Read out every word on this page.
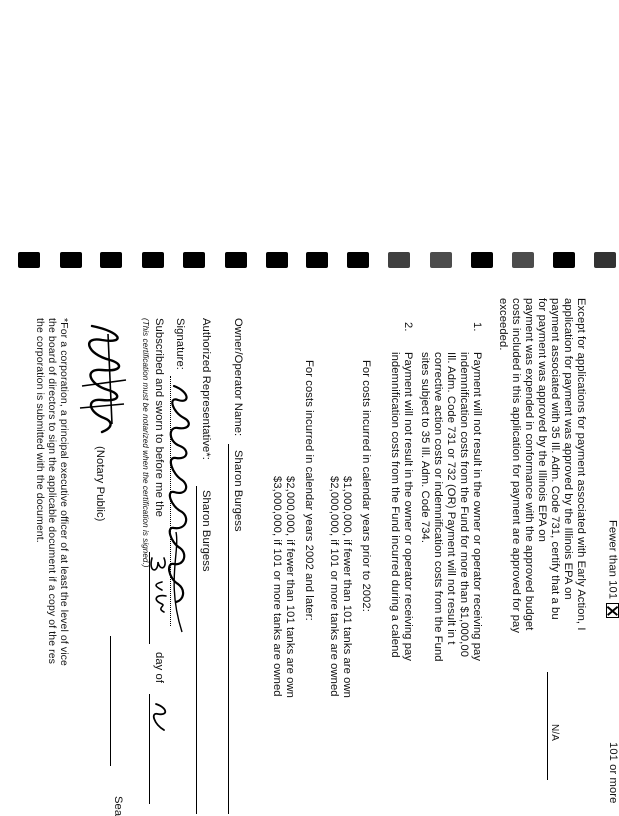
Fewer than 101
101 or more
Except for applications for payment associated with Early Action, I
application for payment was approved by the Illinois EPA on
payment associated with 35 Ill. Adm. Code 731, certify that a bu
for payment was approved by the Illinois EPA on
payment was expended in conformance with the approved budget
costs included in this application for payment are approved for pay
exceeded.
N/A
1.
Payment will not result in the owner or operator receiving pay
indemnification costs from the Fund for more than $1,000,00
Ill. Adm. Code 731 or 732 (OR) Payment will not result in t
corrective action costs or indemnification costs from the Fund
sites subject to 35 Ill. Adm. Code 734.
2.
Payment will not result in the owner or operator receiving pay
indemnification costs from the Fund incurred during a calend
For costs incurred in calendar years prior to 2002:
$1,000,000, if fewer than 101 tanks are own
$2,000,000, if 101 or more tanks are owned
For costs incurred in calendar years 2002 and later:
$2,000,000, if fewer than 101 tanks are own
$3,000,000, if 101 or more tanks are owned
Owner/Operator Name:
Sharon Burgess
Authorized Representative*:
Sharon Burgess
Signature:
Subscribed and sworn to before me the
day of
(This certification must be notarized when the certification is signed.)
Sea
(Notary Public)
*For a corporation, a principal executive officer of at least the level of vice
the board of directors to sign the applicable document if a copy of the res
the corporation is submitted with the document.
